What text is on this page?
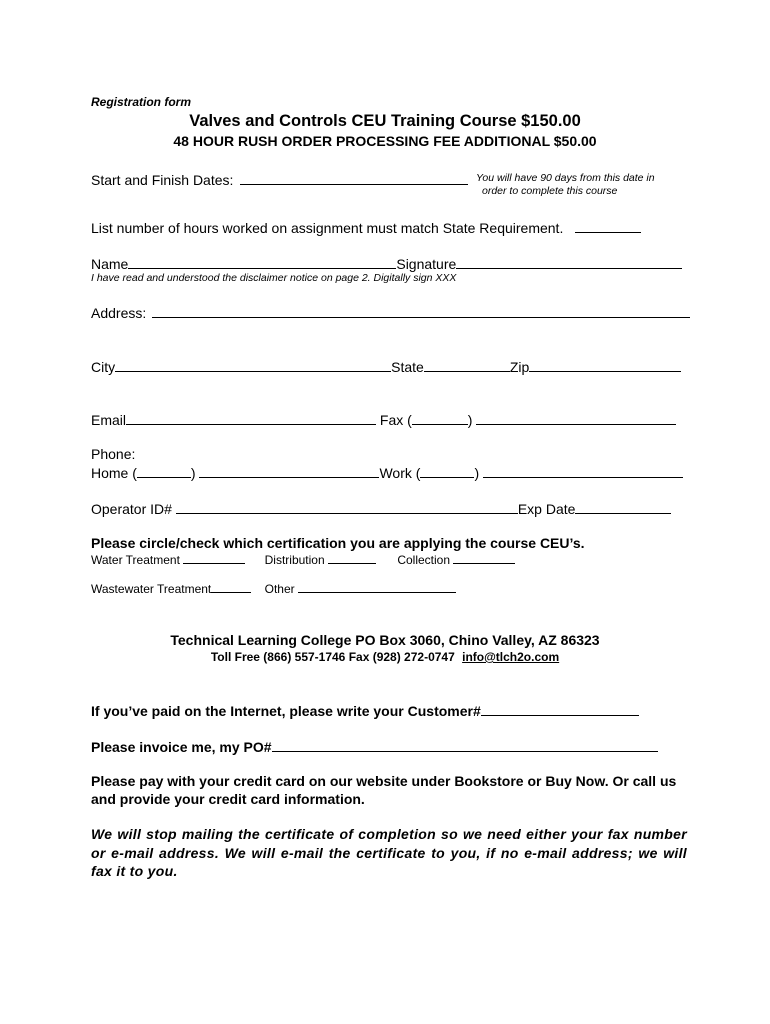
Registration form
Valves and Controls CEU Training Course $150.00
48 HOUR RUSH ORDER PROCESSING FEE ADDITIONAL $50.00
Start and Finish Dates:	You will have 90 days from this date in
order to complete this course
List number of hours worked on assignment must match State Requirement.
Name	Signature
I have read and understood the disclaimer notice on page 2. Digitally sign XXX
Address:
City	State	Zip
Email	Fax (	)
Phone:
Home (	)	Work (	)
Operator ID#	Exp Date
Please circle/check which certification you are applying the course CEU’s.
Water Treatment	Distribution	Collection
Wastewater Treatment	Other
Technical Learning College PO Box 3060, Chino Valley, AZ 86323
Toll Free (866) 557-1746 Fax (928) 272-0747 info@tlch2o.com
If you’ve paid on the Internet, please write your Customer#
Please invoice me, my PO#
Please pay with your credit card on our website under Bookstore or Buy Now. Or call us and provide your credit card information.
We will stop mailing the certificate of completion so we need either your fax number or e-mail address. We will e-mail the certificate to you, if no e-mail address; we will fax it to you.
